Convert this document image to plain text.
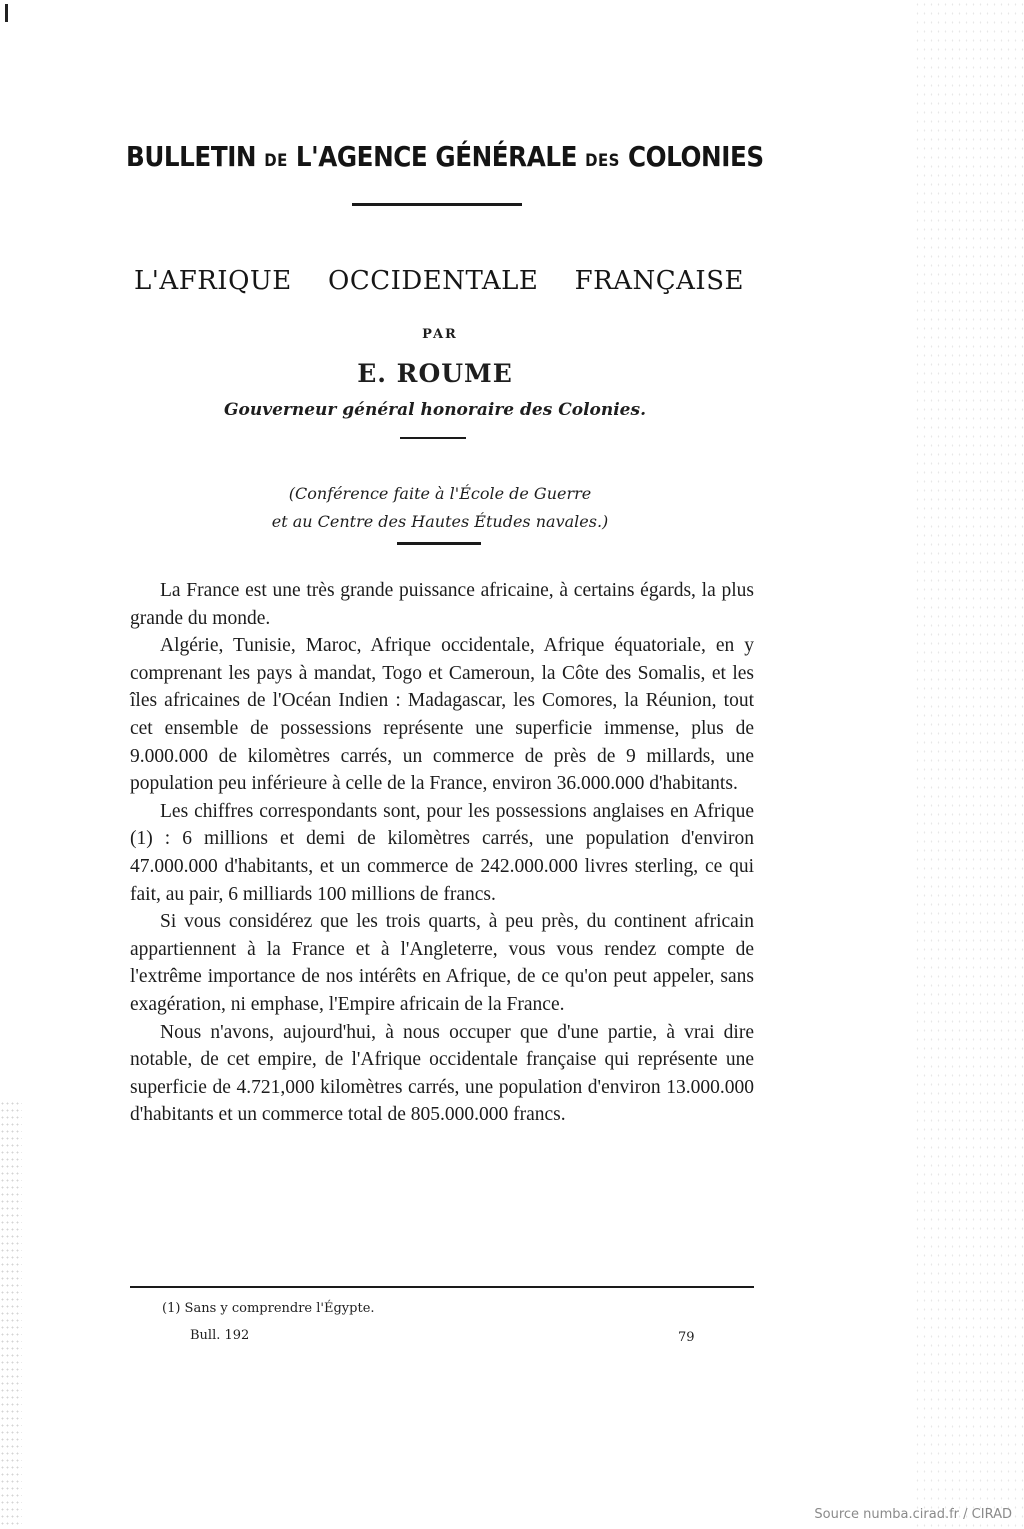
BULLETIN DE L'AGENCE GÉNÉRALE DES COLONIES
L'AFRIQUE OCCIDENTALE FRANÇAISE
PAR
E. ROUME
Gouverneur général honoraire des Colonies.
(Conférence faite à l'École de Guerre
et au Centre des Hautes Études navales.)

La France est une très grande puissance africaine, à certains égards, la plus grande du monde.

Algérie, Tunisie, Maroc, Afrique occidentale, Afrique équatoriale, en y comprenant les pays à mandat, Togo et Cameroun, la Côte des Somalis, et les îles africaines de l'Océan Indien : Madagascar, les Comores, la Réunion, tout cet ensemble de possessions représente une superficie immense, plus de 9.000.000 de kilomètres carrés, un commerce de près de 9 millards, une population peu inférieure à celle de la France, environ 36.000.000 d'habitants.

Les chiffres correspondants sont, pour les possessions anglaises en Afrique (1) : 6 millions et demi de kilomètres carrés, une population d'environ 47.000.000 d'habitants, et un commerce de 242.000.000 livres sterling, ce qui fait, au pair, 6 milliards 100 millions de francs.

Si vous considérez que les trois quarts, à peu près, du continent africain appartiennent à la France et à l'Angleterre, vous vous rendez compte de l'extrême importance de nos intérêts en Afrique, de ce qu'on peut appeler, sans exagération, ni emphase, l'Empire africain de la France.

Nous n'avons, aujourd'hui, à nous occuper que d'une partie, à vrai dire notable, de cet empire, de l'Afrique occidentale française qui représente une superficie de 4.721,000 kilomètres carrés, une population d'environ 13.000.000 d'habitants et un commerce total de 805.000.000 francs.

(1) Sans y comprendre l'Égypte.
Bull. 192	79
Source numba.cirad.fr / CIRAD
